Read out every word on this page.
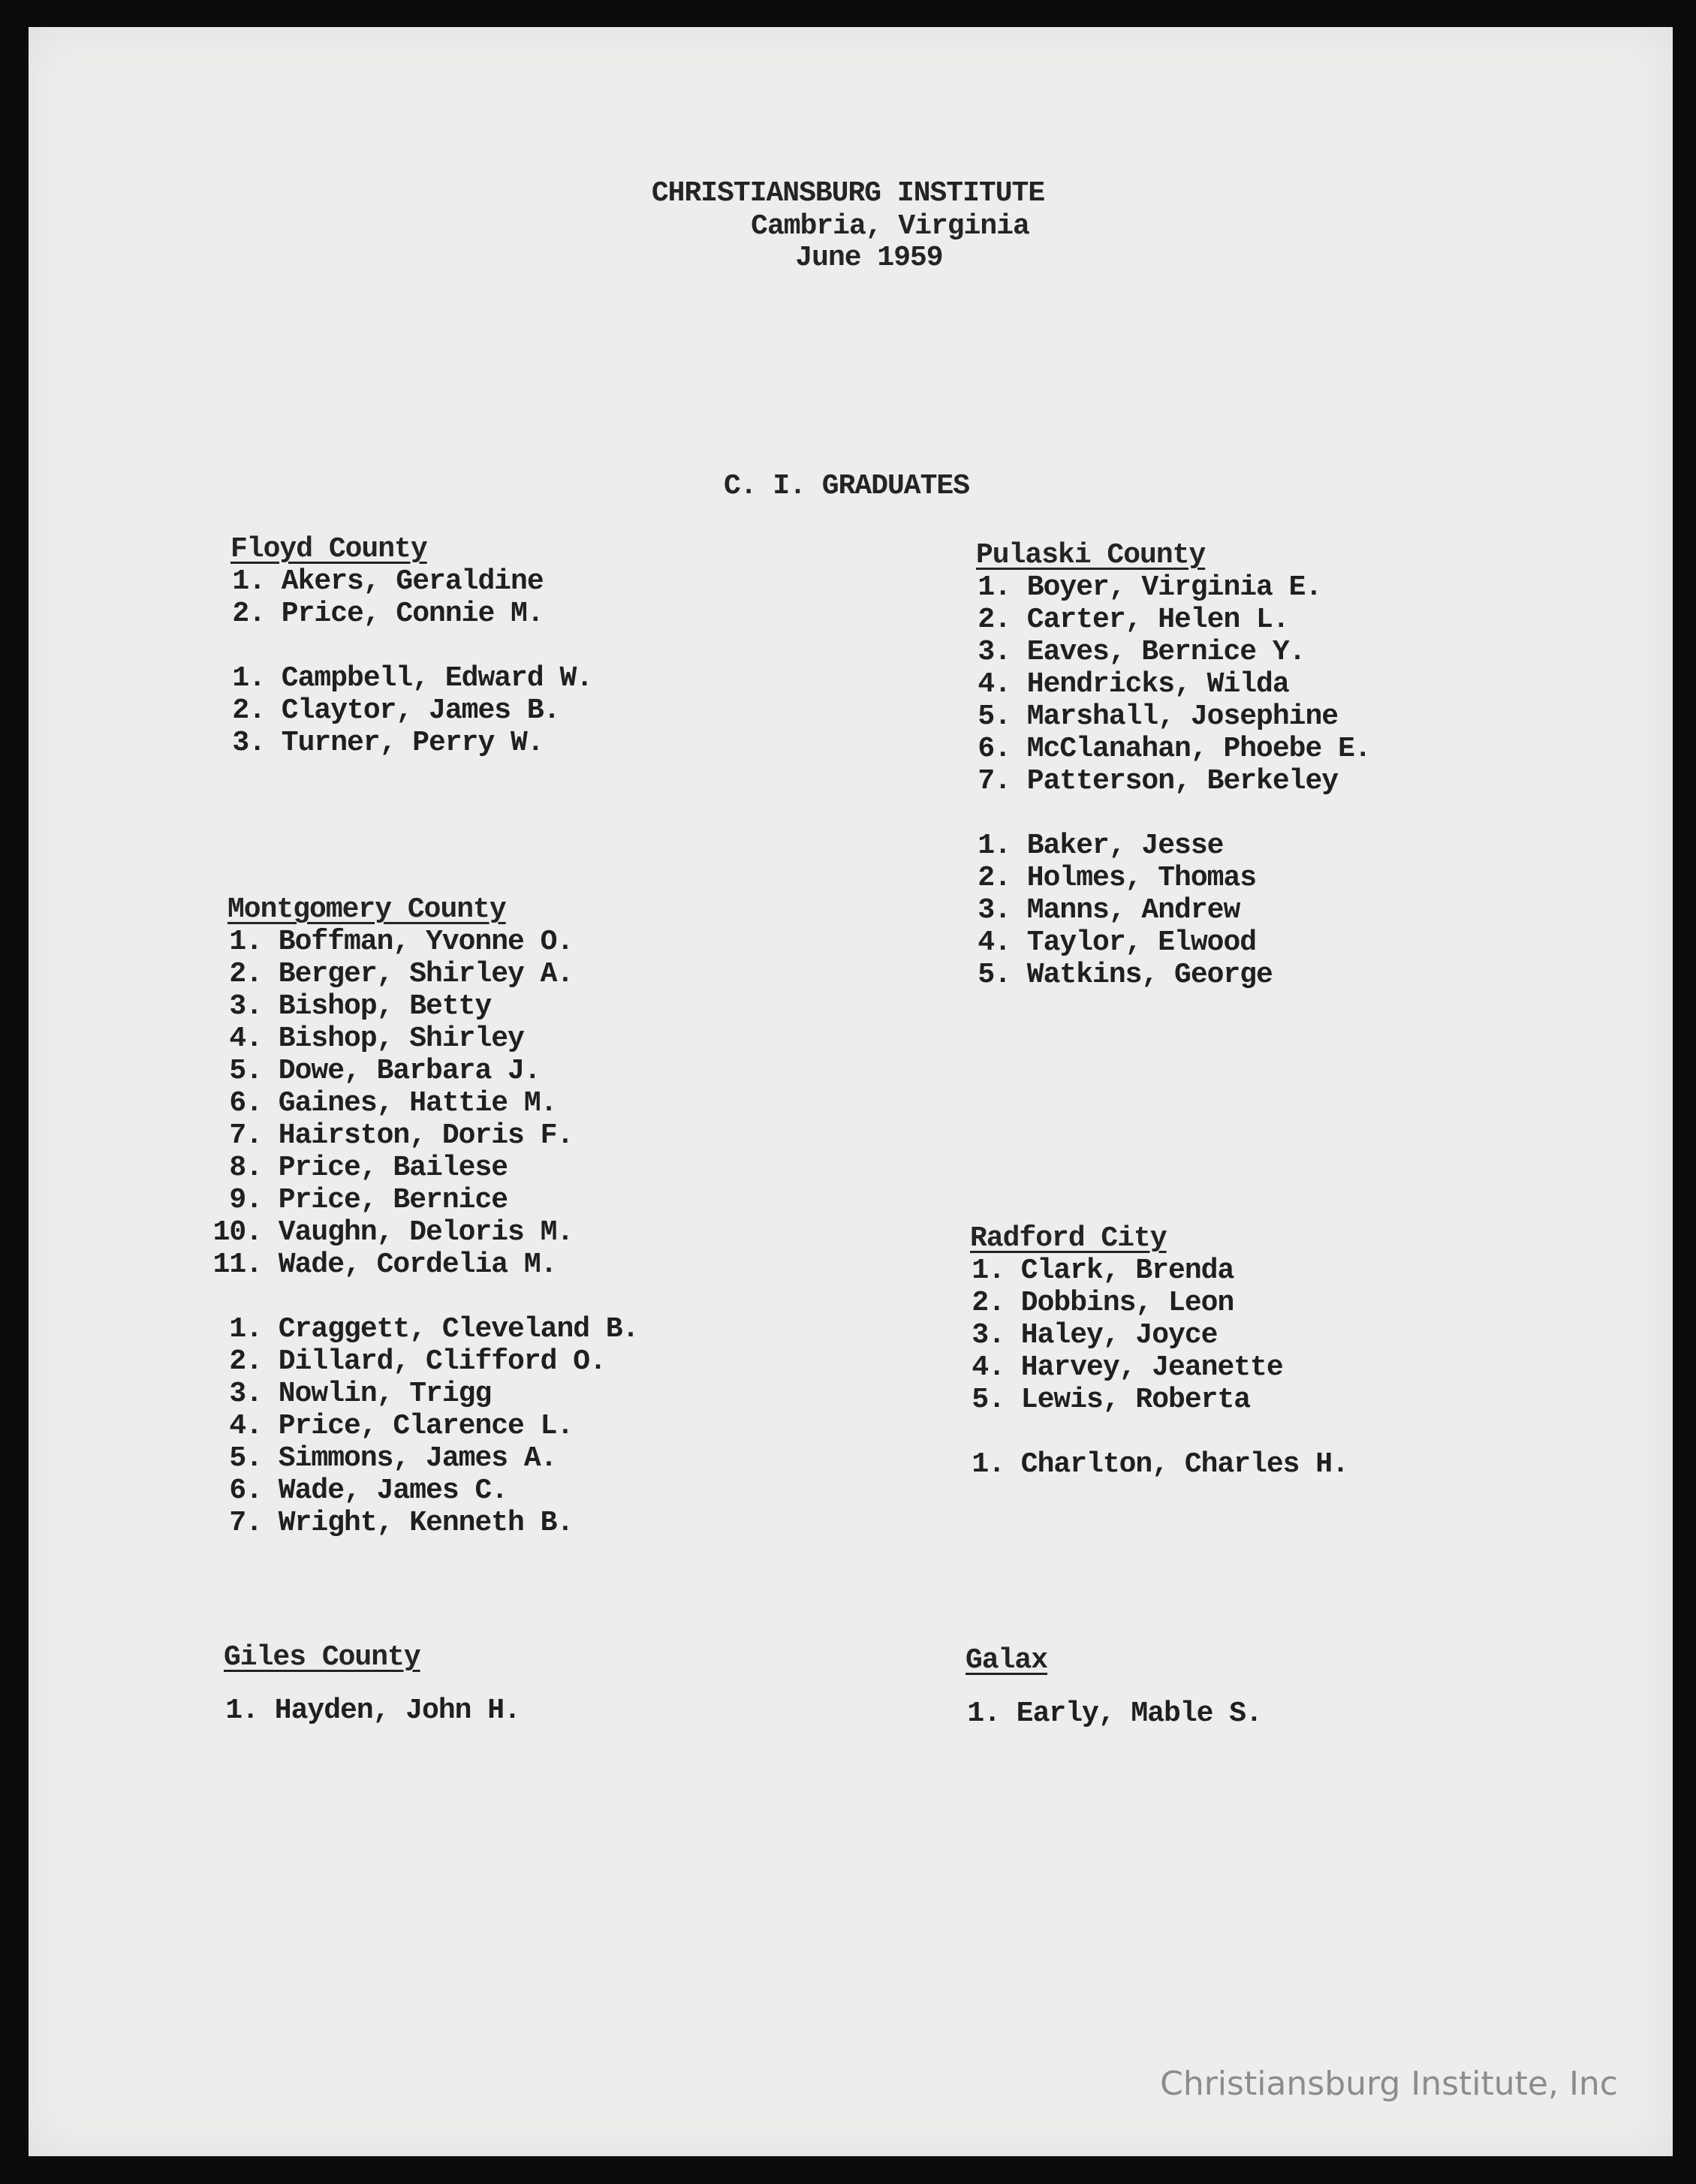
CHRISTIANSBURG INSTITUTE
Cambria, Virginia
June 1959
C. I. GRADUATES
Floyd County
1. Akers, Geraldine
2. Price, Connie M.
1. Campbell, Edward W.
2. Claytor, James B.
3. Turner, Perry W.
Montgomery County
1. Boffman, Yvonne O.
2. Berger, Shirley A.
3. Bishop, Betty
4. Bishop, Shirley
5. Dowe, Barbara J.
6. Gaines, Hattie M.
7. Hairston, Doris F.
8. Price, Bailese
9. Price, Bernice
10. Vaughn, Deloris M.
11. Wade, Cordelia M.
1. Craggett, Cleveland B.
2. Dillard, Clifford O.
3. Nowlin, Trigg
4. Price, Clarence L.
5. Simmons, James A.
6. Wade, James C.
7. Wright, Kenneth B.
Giles County
1. Hayden, John H.
Pulaski County
1. Boyer, Virginia E.
2. Carter, Helen L.
3. Eaves, Bernice Y.
4. Hendricks, Wilda
5. Marshall, Josephine
6. McClanahan, Phoebe E.
7. Patterson, Berkeley
1. Baker, Jesse
2. Holmes, Thomas
3. Manns, Andrew
4. Taylor, Elwood
5. Watkins, George
Radford City
1. Clark, Brenda
2. Dobbins, Leon
3. Haley, Joyce
4. Harvey, Jeanette
5. Lewis, Roberta
1. Charlton, Charles H.
Galax
1. Early, Mable S.
Christiansburg Institute, Inc
